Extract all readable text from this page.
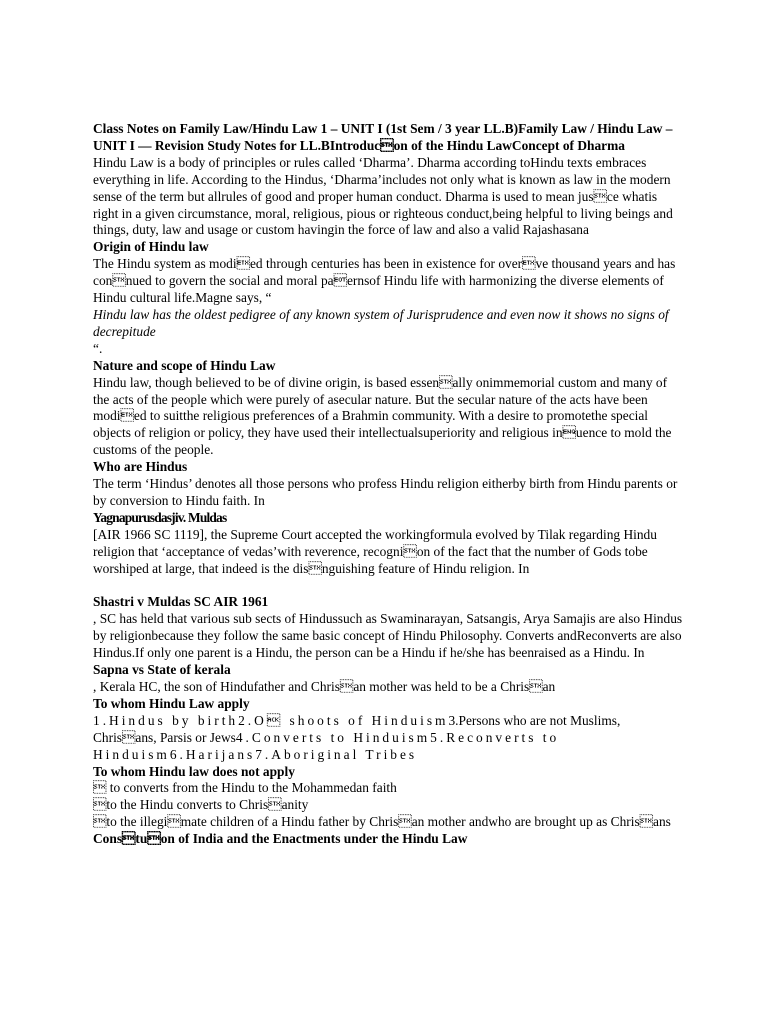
Class Notes on Family Law/Hindu Law 1 – UNIT I (1st Sem / 3 year LL.B)Family Law / Hindu Law – UNIT I — Revision Study Notes for LL.BIntroducon of the Hindu LawConcept of Dharma

Hindu Law is a body of principles or rules called ‘Dharma’. Dharma according toHindu texts embraces everything in life. According to the Hindus, ‘Dharma’includes not only what is known as law in the modern sense of the term but allrules of good and proper human conduct. Dharma is used to mean jusce whatis right in a given circumstance, moral, religious, pious or righteous conduct,being helpful to living beings and things, duty, law and usage or custom havingin the force of law and also a valid Rajashasana

Origin of Hindu law

The Hindu system as modied through centuries has been in existence for overve thousand years and has connued to govern the social and moral paernsof Hindu life with harmonizing the diverse elements of Hindu cultural life.Magne says, “

Hindu law has the oldest pedigree of any known system of Jurisprudence and even now it shows no signs of decrepitude

“.

Nature and scope of Hindu Law

Hindu law, though believed to be of divine origin, is based essenally onimmemorial custom and many of the acts of the people which were purely of asecular nature. But the secular nature of the acts have been modied to suitthe religious preferences of a Brahmin community. With a desire to promotethe special objects of religion or policy, they have used their intellectualsuperiority and religious inuence to mold the customs of the people.

Who are Hindus

The term ‘Hindus’ denotes all those persons who profess Hindu religion eitherby birth from Hindu parents or by conversion to Hindu faith. In

Yagnapurusdasjiv. Muldas

[AIR 1966 SC 1119], the Supreme Court accepted the workingformula evolved by Tilak regarding Hindu religion that ‘acceptance of vedas’with reverence, recognion of the fact that the number of Gods tobe worshiped at large, that indeed is the disnguishing feature of Hindu religion. In

Shastri v Muldas SC AIR 1961

, SC has held that various sub sects of Hindussuch as Swaminarayan, Satsangis, Arya Samajis are also Hindus by religionbecause they follow the same basic concept of Hindu Philosophy. Converts andReconverts are also Hindus.If only one parent is a Hindu, the person can be a Hindu if he/she has beenraised as a Hindu. In

Sapna vs State of kerala

, Kerala HC, the son of Hindufather and Chrisan mother was held to be a Chrisan

To whom Hindu Law apply

1.Hindus by birth2.O shoots of Hinduism3.Persons who are not Muslims, Chrisans, Parsis or Jews4.Converts to Hinduism5.Reconverts to Hinduism6.Harijans7.Aboriginal Tribes

To whom Hindu law does not apply

 to converts from the Hindu to the Mohammedan faith

to the Hindu converts to Chrisanity

to the illegimate children of a Hindu father by Chrisan mother andwho are brought up as Chrisans Constuon of India and the Enactments under the Hindu Law
